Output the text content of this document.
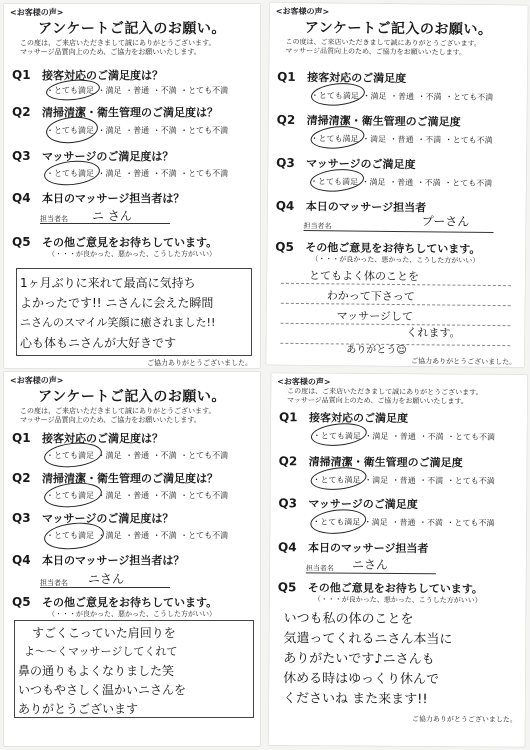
<お客様の声>
アンケートご記入のお願い。
この度は、ご来店いただきまして誠にありがとうございます。
マッサージ品質向上のため、ご協力をお願いいたします。
Q1 接客対応のご満足度は？
・とても満足 ・満足 ・普通 ・不満 ・とても不満
Q2 清掃清潔・衛生管理のご満足度は？
・とても満足 ・満足 ・普通 ・不満 ・とても不満
Q3 マッサージのご満足度は？
・とても満足 ・満足 ・普通 ・不満 ・とても不満
Q4 本日のマッサージ担当者は？
担当者名 ニ さん
Q5 その他ご意見をお待ちしています。
（・・・が良かった、悪かった、こうした方がいい）
1ヶ月ぶりに来れて最高に気持ち
よかったです!! ニさんに会えた瞬間
ニさんのスマイル笑顔に癒されました!!
心も体もニさんが大好きです
ご協力ありがとうございました。
<お客様の声>
アンケートご記入のお願い。
この度は、ご来店いただきまして誠にありがとうございます。
マッサージ品質向上のため、ご協力をお願いいたします。
Q1 接客対応のご満足度
・とても満足 ・満足 ・普通 ・不満 ・とても不満
Q2 清掃清潔・衛生管理のご満足度
・とても満足 ・満足 ・普通 ・不満 ・とても不満
Q3 マッサージのご満足度
・とても満足 ・満足 ・普通 ・不満 ・とても不満
Q4 本日のマッサージ担当者
担当者名	プーさん
Q5 その他ご意見をお待ちしています。
（・・・が良かった、悪かった、こうした方がいい）
とてもよく体のことを
わかって下さって
マッサージして
くれます。
ありがとう☺
ご協力ありがとうございました。
<お客様の声>
アンケートご記入のお願い。
この度は、ご来店いただきまして誠にありがとうございます。
マッサージ品質向上のため、ご協力をお願いいたします。
Q1 接客対応のご満足度は？
・とても満足 ・満足 ・普通 ・不満 ・とても不満
Q2 清掃清潔・衛生管理のご満足度は？
・とても満足 ・満足 ・普通 ・不満 ・とても不満
Q3 マッサージのご満足度は？
・とても満足 ・満足 ・普通 ・不満 ・とても不満
Q4 本日のマッサージ担当者は？
担当者名 ニさん
Q5 その他ご意見をお待ちしています。
（・・・が良かった、悪かった、こうした方がいい）
すごくこっていた肩回りを
よ〜〜くマッサージしてくれて
鼻の通りもよくなりました笑
いつもやさしく温かいニさんを
ありがとうございます
<お客様の声>
この度は、ご来店いただきまして誠にありがとうございます。
マッサージ品質向上のため、ご協力をお願いいたします。
Q1 接客対応のご満足度
・とても満足 ・満足 ・普通 ・不満 ・とても不満
Q2 清掃清潔・衛生管理のご満足度
・とても満足 ・満足 ・普通 ・不満 ・とても不満
Q3 マッサージのご満足度
・とても満足 ・満足 ・普通 ・不満 ・とても不満
Q4 本日のマッサージ担当者
担当者名 ニさん
Q5 その他ご意見をお待ちしています。
（・・・が良かった、悪かった、こうした方がいい）
いつも私の体のことを
気遣ってくれるニさん本当に
ありがたいです♪ニさんも
休める時はゆっくり休んで
くださいね また来ます!!
ご協力ありがとうございました。
